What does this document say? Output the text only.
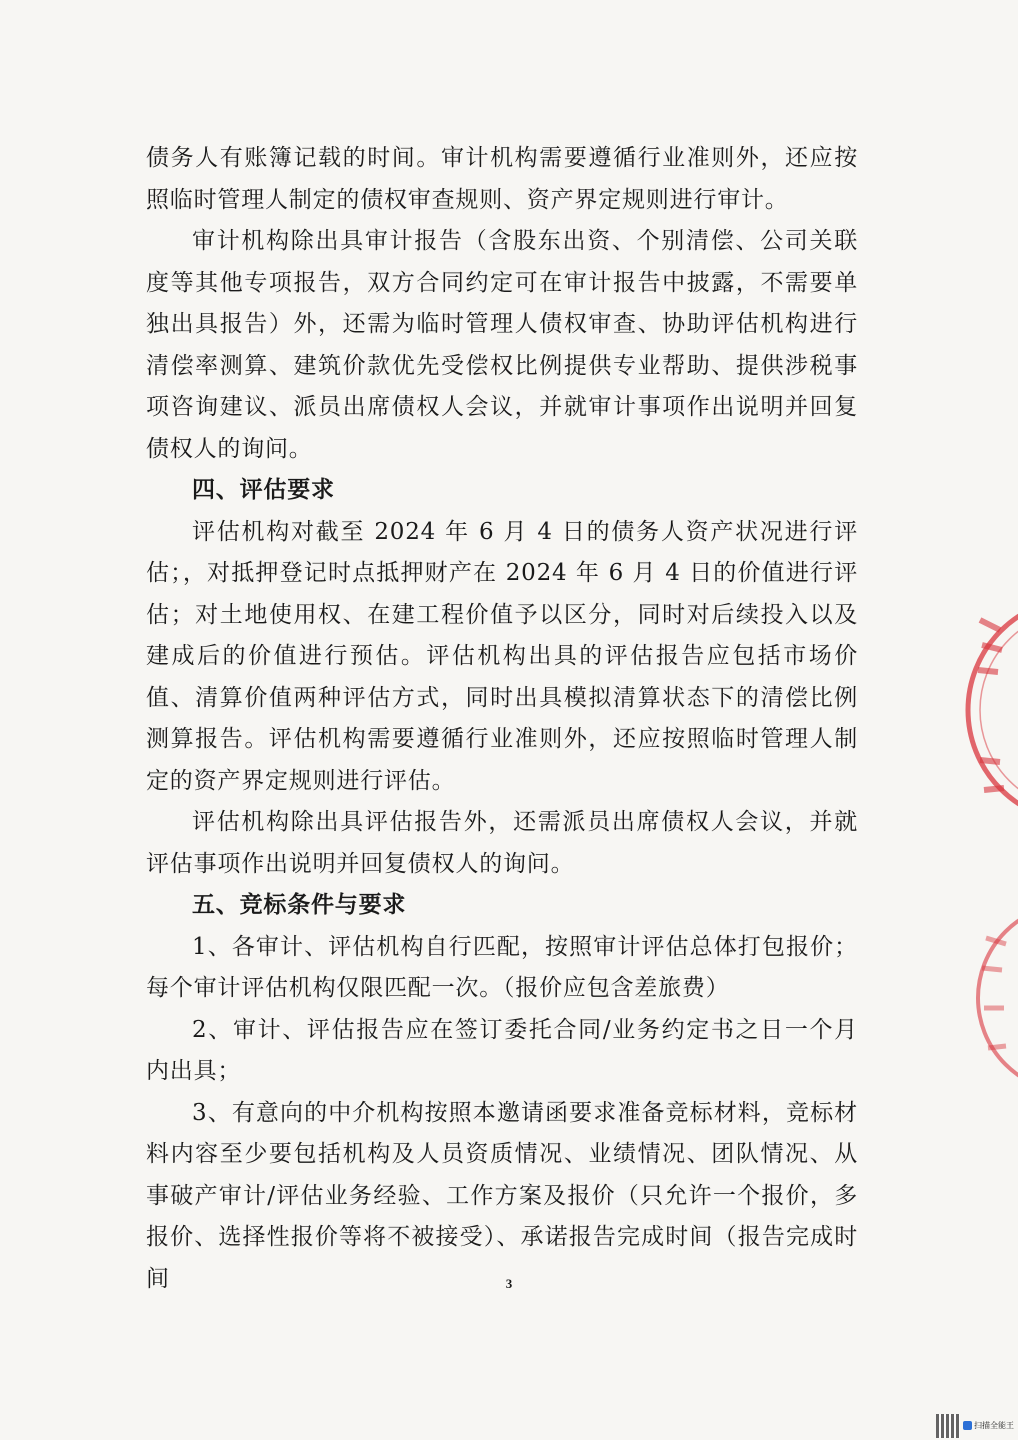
债务人有账簿记载的时间。审计机构需要遵循行业准则外，还应按照临时管理人制定的债权审查规则、资产界定规则进行审计。

审计机构除出具审计报告（含股东出资、个别清偿、公司关联度等其他专项报告，双方合同约定可在审计报告中披露，不需要单独出具报告）外，还需为临时管理人债权审查、协助评估机构进行清偿率测算、建筑价款优先受偿权比例提供专业帮助、提供涉税事项咨询建议、派员出席债权人会议，并就审计事项作出说明并回复债权人的询问。

四、评估要求

评估机构对截至 2024 年 6 月 4 日的债务人资产状况进行评估；，对抵押登记时点抵押财产在 2024 年 6 月 4 日的价值进行评估；对土地使用权、在建工程价值予以区分，同时对后续投入以及建成后的价值进行预估。评估机构出具的评估报告应包括市场价值、清算价值两种评估方式，同时出具模拟清算状态下的清偿比例测算报告。评估机构需要遵循行业准则外，还应按照临时管理人制定的资产界定规则进行评估。

评估机构除出具评估报告外，还需派员出席债权人会议，并就评估事项作出说明并回复债权人的询问。

五、竞标条件与要求

1、各审计、评估机构自行匹配，按照审计评估总体打包报价；每个审计评估机构仅限匹配一次。（报价应包含差旅费）

2、审计、评估报告应在签订委托合同/业务约定书之日一个月内出具；

3、有意向的中介机构按照本邀请函要求准备竞标材料，竞标材料内容至少要包括机构及人员资质情况、业绩情况、团队情况、从事破产审计/评估业务经验、工作方案及报价（只允许一个报价，多报价、选择性报价等将不被接受）、承诺报告完成时间（报告完成时间	3
扫描全能王
